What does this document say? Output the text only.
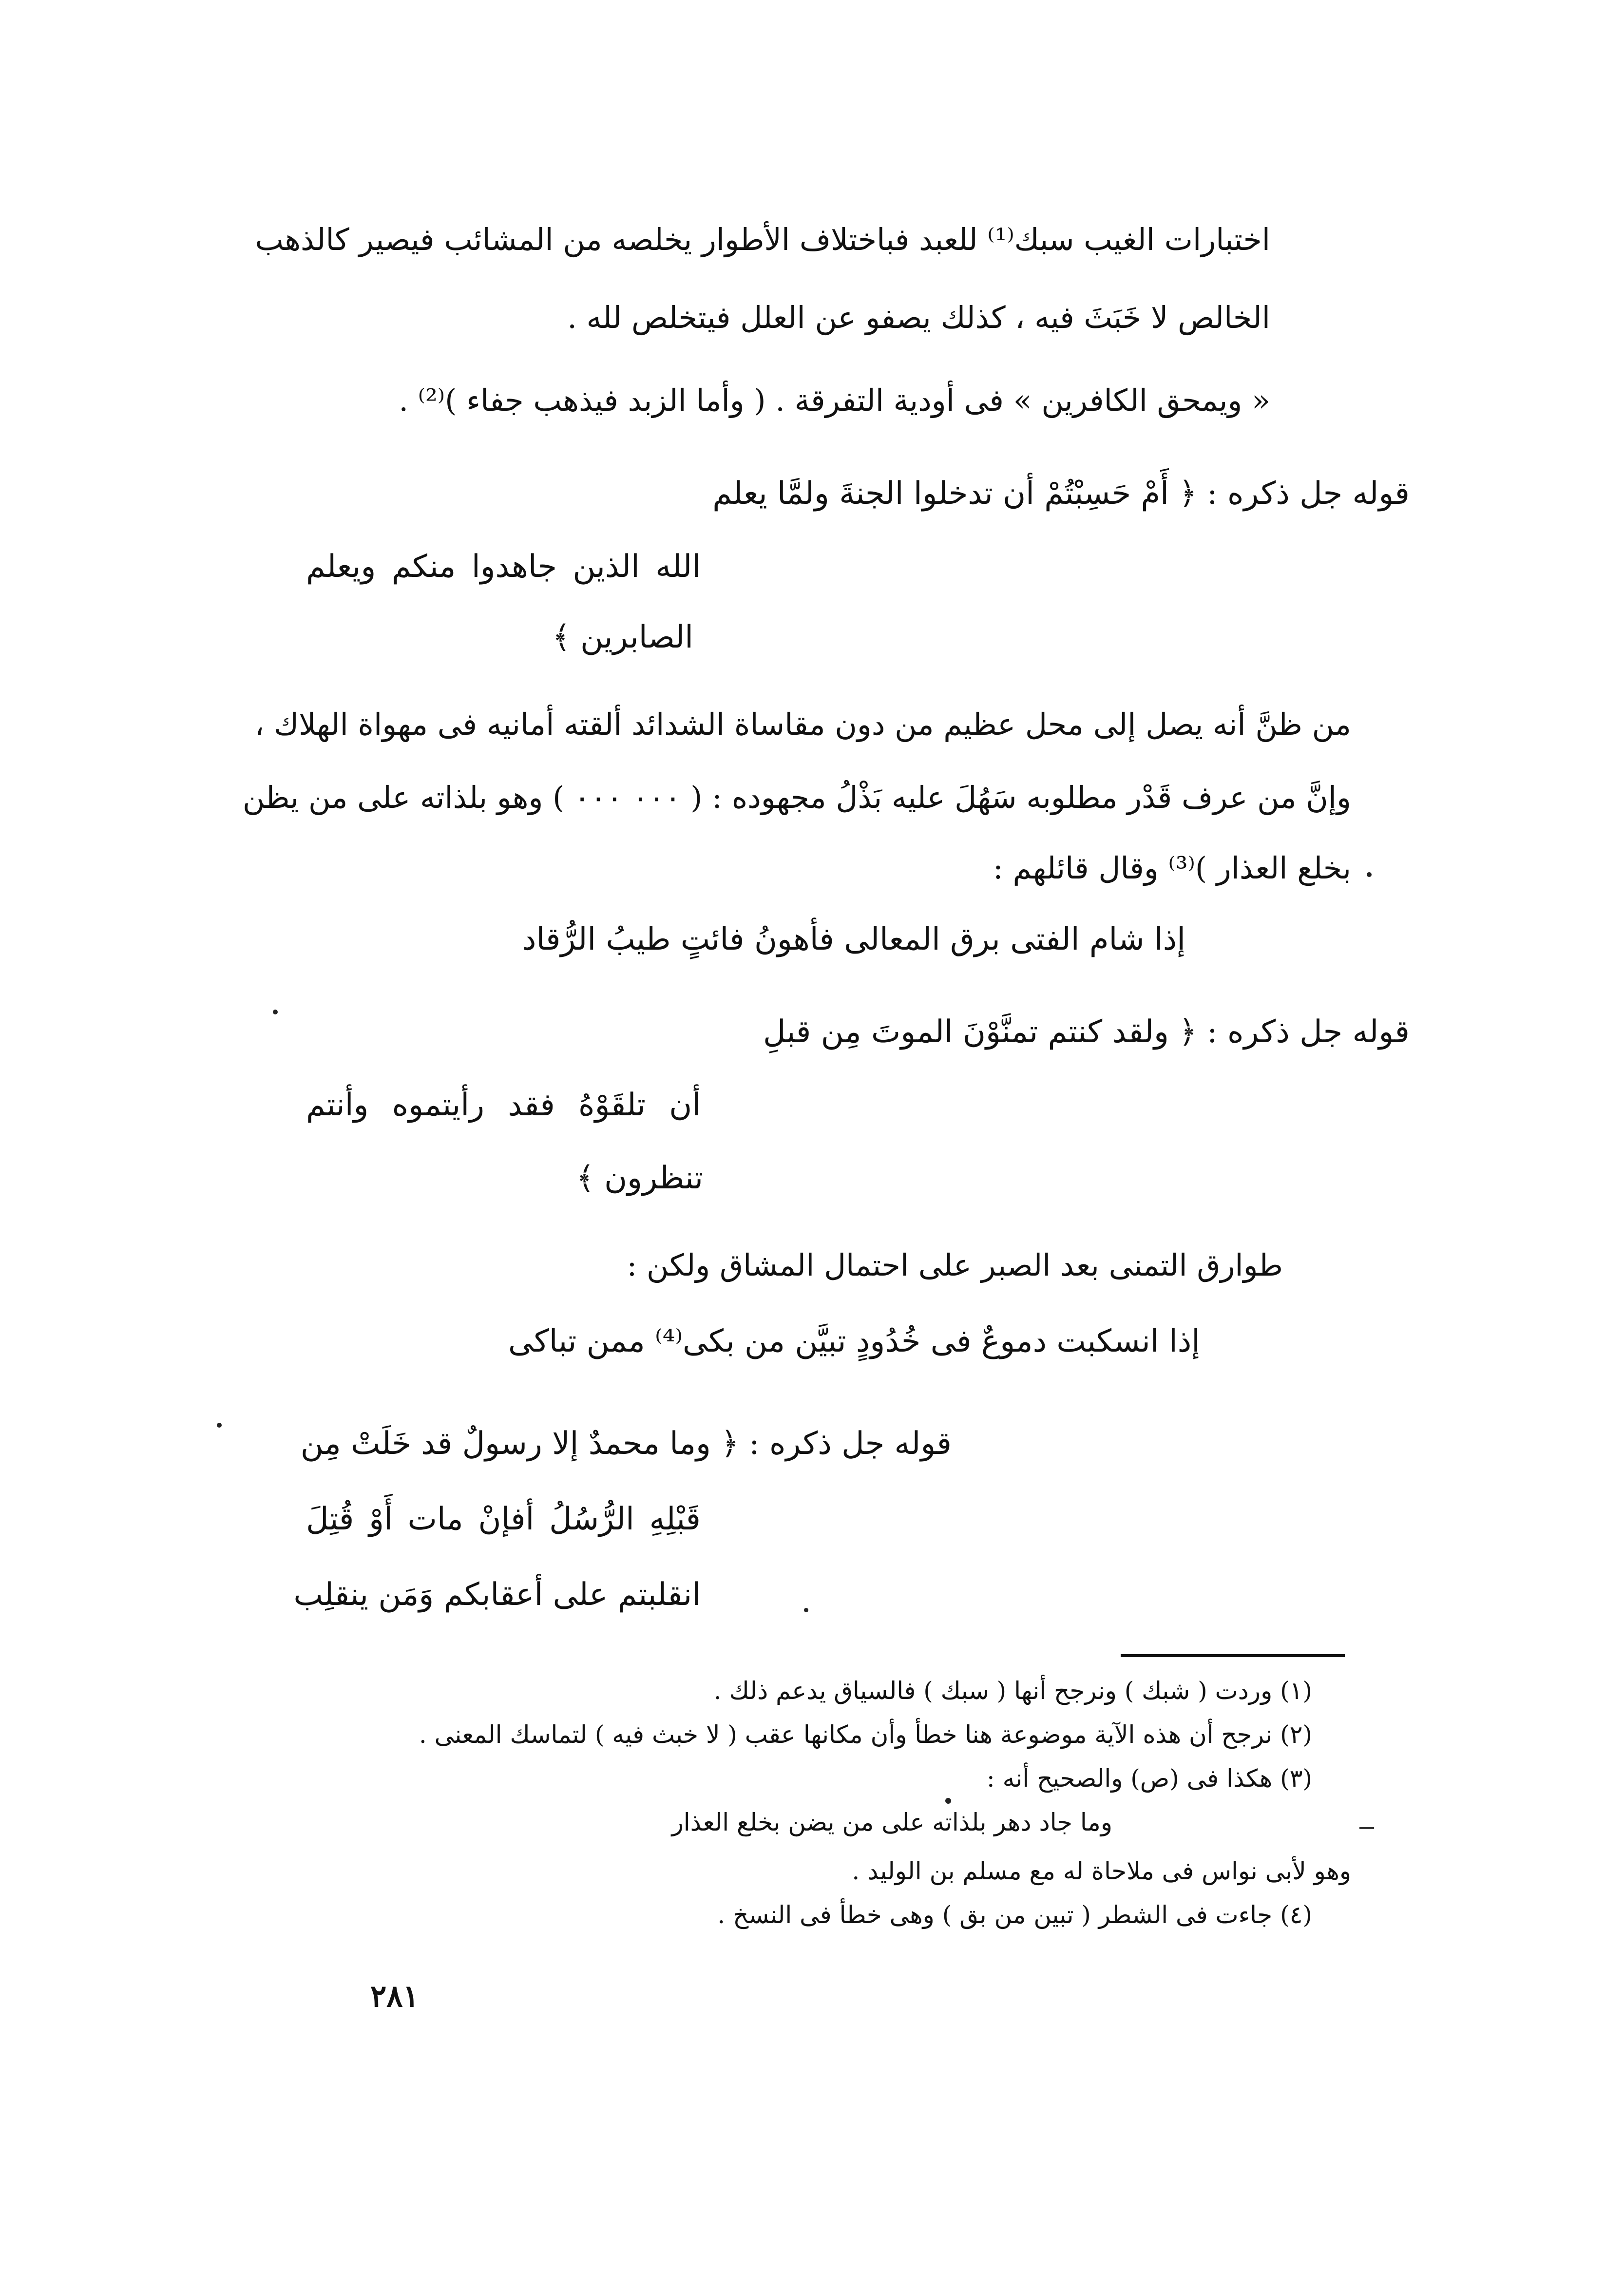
اختبارات الغيب سبك⁽¹⁾ للعبد فباختلاف الأطوار يخلصه من المشائب فيصير كالذهب
الخالص لا خَبَثَ فيه ، كذلك يصفو عن العلل فيتخلص لله .
« ويمحق الكافرين » فى أودية التفرقة . ( وأما الزبد فيذهب جفاء )⁽²⁾ .
قوله جل ذكره : ﴿ أَمْ حَسِبْتُمْ أن تدخلوا الجنةَ ولمَّا يعلم
الله الذين جاهدوا منكم ويعلم
الصابرين ﴾
من ظنَّ أنه يصل إلى محل عظيم من دون مقاساة الشدائد ألقته أمانيه فى مهواة الهلاك ،
وإنَّ من عرف قَدْر مطلوبه سَهُلَ عليه بَذْلُ مجهوده : ( ٠٠٠ ٠٠٠ ) وهو بلذاته على من يظن
بخلع العذار )⁽³⁾ وقال قائلهم :
إذا شام الفتى برق المعالى فأهونُ فائتٍ طيبُ الرُّقاد
قوله جل ذكره : ﴿ ولقد كنتم تمنَّوْنَ الموتَ مِن قبلِ
أن تلقَوْهُ فقد رأيتموه وأنتم
تنظرون ﴾
طوارق التمنى بعد الصبر على احتمال المشاق ولكن :
إذا انسكبت دموعٌ فى خُدُودٍ تبيَّن من بكى⁽⁴⁾ ممن تباكى
قوله جل ذكره : ﴿ وما محمدٌ إلا رسولٌ قد خَلَتْ مِن
قَبْلِهِ الرُّسُلُ أفإنْ مات أَوْ قُتِلَ
انقلبتم على أعقابكم وَمَن ينقلِب
(١) وردت ( شبك ) ونرجح أنها ( سبك ) فالسياق يدعم ذلك .
(٢) نرجح أن هذه الآية موضوعة هنا خطأ وأن مكانها عقب ( لا خبث فيه ) لتماسك المعنى .
(٣) هكذا فى (ص) والصحيح أنه :
وما جاد دهر بلذاته على من يضن بخلع العذار
وهو لأبى نواس فى ملاحاة له مع مسلم بن الوليد .
(٤) جاءت فى الشطر ( تبين من بق ) وهى خطأ فى النسخ .
٢٨١
